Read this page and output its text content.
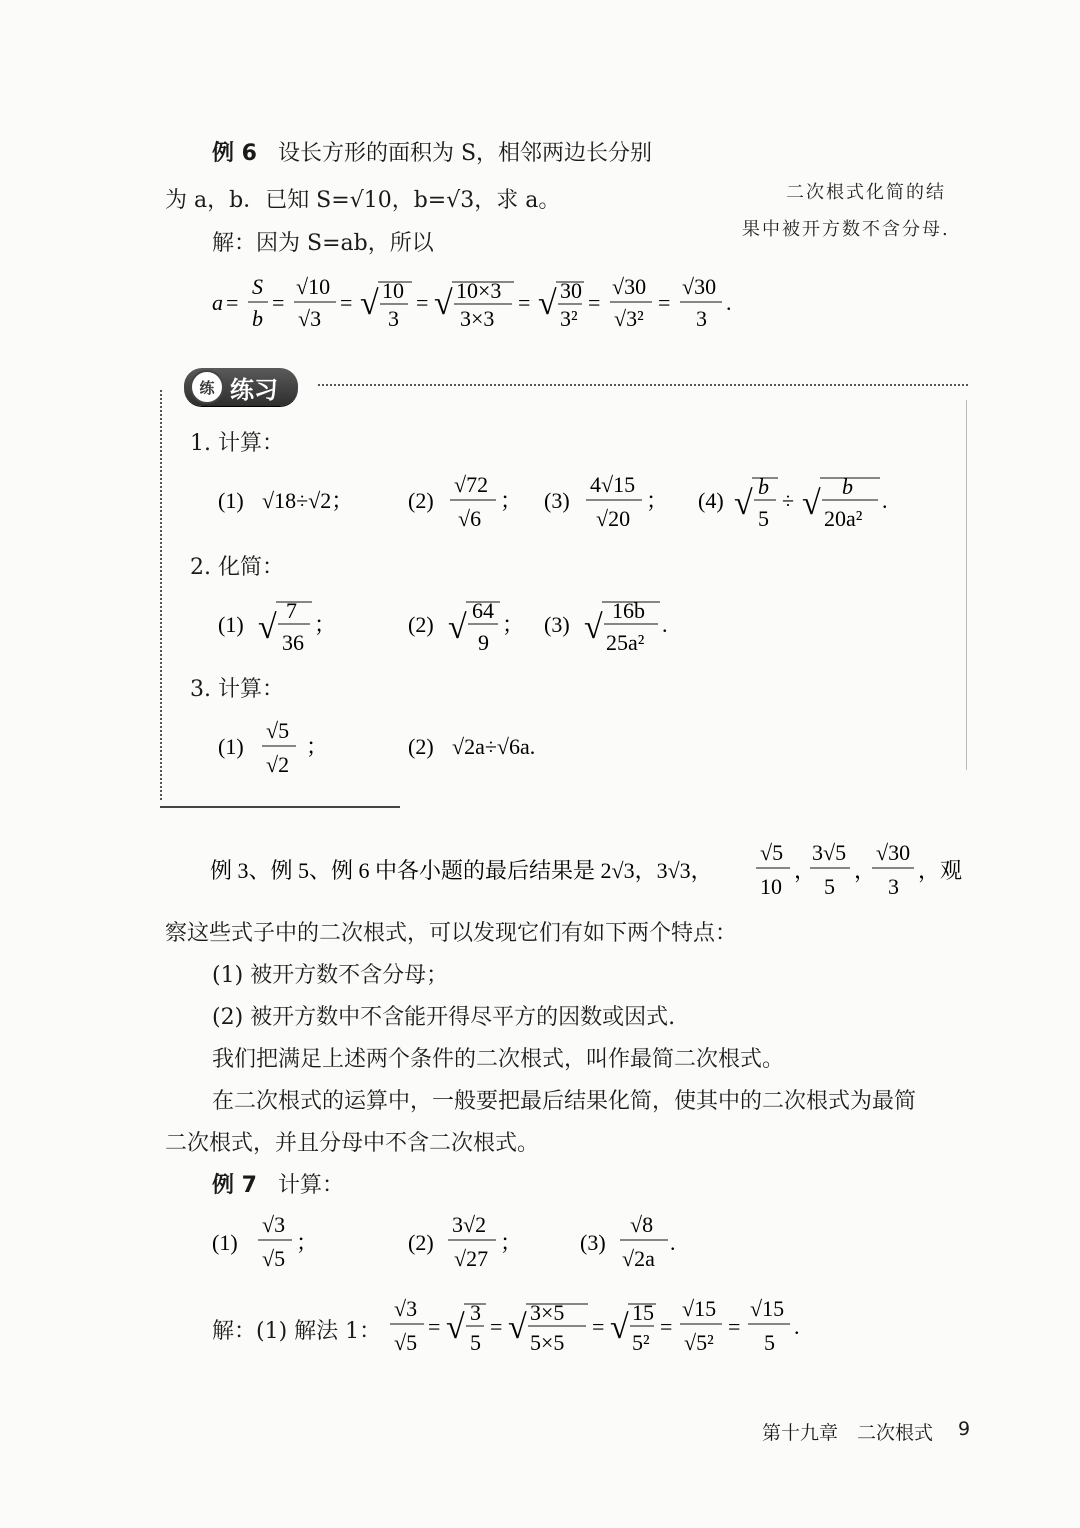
例 6 设长方形的面积为 S，相邻两边长分别
为 a，b．已知 S=√10，b=√3，求 a。
解：因为 S=ab，所以
二次根式化简的结
果中被开方数不含分母.
a =
S
b
=
√10
√3
= √ 10
3
= √ 10×3
3×3
= √ 30
3²
=
√30
√3²
=
√30
3
.
练 练习
1. 计算：
(1) √18÷√2； (2)
√72
√6
； (3)
4√15
√20
； (4) √ b
5
÷ √ b
20a²
.
2. 化简：
(1) √ 7
36
；	(2) √ 64
9
； (3) √ 16b
25a²
.
3. 计算：
(1)
√5
√2
；	(2) √2a÷√6a.
例 3、例 5、例 6 中各小题的最后结果是 2√3，3√3，
√5
10
，
3√5
5
，
√30
3
，观
察这些式子中的二次根式，可以发现它们有如下两个特点：
(1) 被开方数不含分母；
(2) 被开方数中不含能开得尽平方的因数或因式.
我们把满足上述两个条件的二次根式，叫作最简二次根式。
在二次根式的运算中，一般要把最后结果化简，使其中的二次根式为最简
二次根式，并且分母中不含二次根式。
例 7 计算：
(1)
√3
√5
；	(2)
3√2
√27
；	(3)
√8
√2a
.
解：(1) 解法 1：
√3
√5
= √ 3
5
= √ 3×5
5×5
= √ 15
5²
=
√15
√5²
=
√15
5
.
第十九章　二次根式 9
